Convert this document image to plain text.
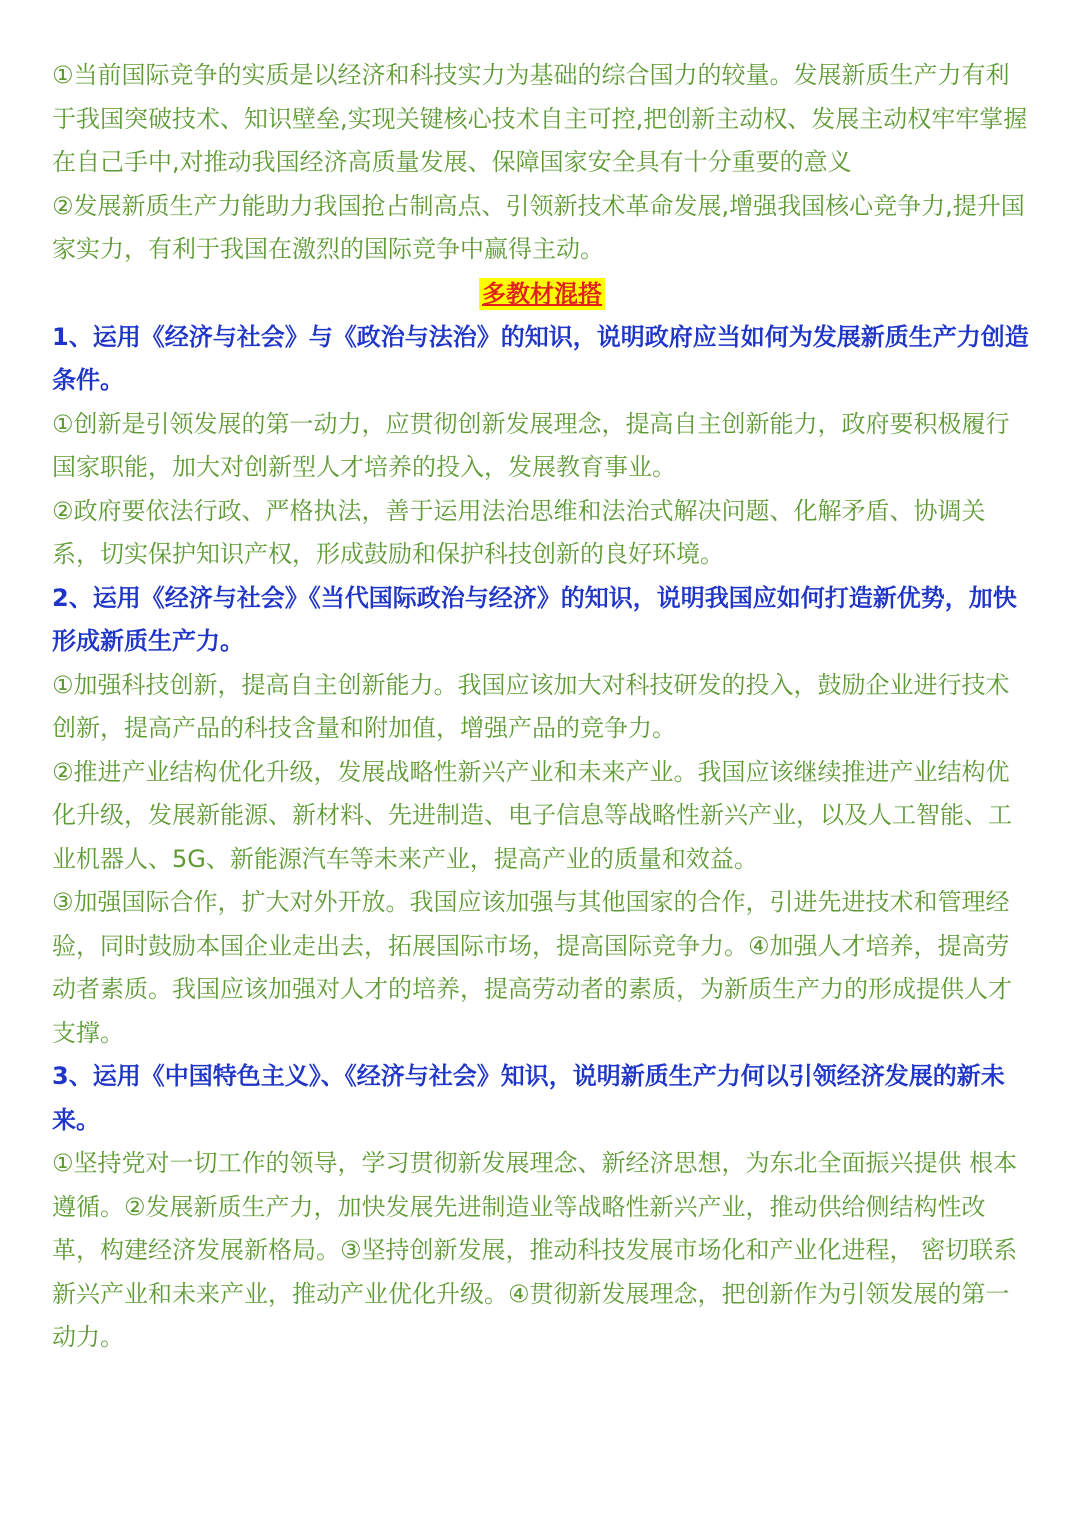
①当前国际竞争的实质是以经济和科技实力为基础的综合国力的较量。发展新质生产力有利于我国突破技术、知识壁垒,实现关键核心技术自主可控,把创新主动权、发展主动权牢牢掌握在自己手中,对推动我国经济高质量发展、保障国家安全具有十分重要的意义

②发展新质生产力能助力我国抢占制高点、引领新技术革命发展,增强我国核心竞争力,提升国家实力，有利于我国在激烈的国际竞争中赢得主动。

多教材混搭

1、运用《经济与社会》与《政治与法治》的知识，说明政府应当如何为发展新质生产力创造条件。

①创新是引领发展的第一动力，应贯彻创新发展理念，提高自主创新能力，政府要积极履行国家职能，加大对创新型人才培养的投入，发展教育事业。

②政府要依法行政、严格执法，善于运用法治思维和法治式解决问题、化解矛盾、协调关系，切实保护知识产权，形成鼓励和保护科技创新的良好环境。

2、运用《经济与社会》《当代国际政治与经济》的知识，说明我国应如何打造新优势，加快形成新质生产力。

①加强科技创新，提高自主创新能力。我国应该加大对科技研发的投入，鼓励企业进行技术创新，提高产品的科技含量和附加值，增强产品的竞争力。

②推进产业结构优化升级，发展战略性新兴产业和未来产业。我国应该继续推进产业结构优化升级，发展新能源、新材料、先进制造、电子信息等战略性新兴产业，以及人工智能、工业机器人、5G、新能源汽车等未来产业，提高产业的质量和效益。

③加强国际合作，扩大对外开放。我国应该加强与其他国家的合作，引进先进技术和管理经验，同时鼓励本国企业走出去，拓展国际市场，提高国际竞争力。④加强人才培养，提高劳动者素质。我国应该加强对人才的培养，提高劳动者的素质，为新质生产力的形成提供人才支撑。

3、运用《中国特色主义》、《经济与社会》知识，说明新质生产力何以引领经济发展的新未来。

①坚持党对一切工作的领导，学习贯彻新发展理念、新经济思想，为东北全面振兴提供 根本遵循。②发展新质生产力，加快发展先进制造业等战略性新兴产业，推动供给侧结构性改革，构建经济发展新格局。③坚持创新发展，推动科技发展市场化和产业化进程， 密切联系新兴产业和未来产业，推动产业优化升级。④贯彻新发展理念，把创新作为引领发展的第一动力。
